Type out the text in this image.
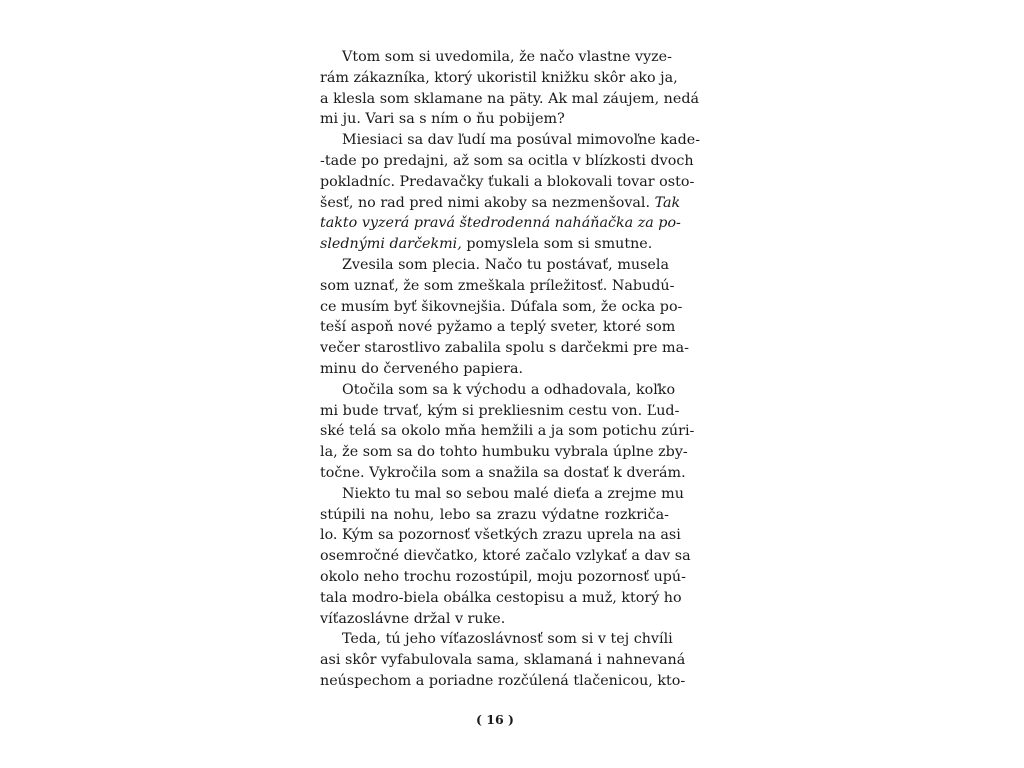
Vtom som si uvedomila, že načo vlastne vyze-
rám zákazníka, ktorý ukoristil knižku skôr ako ja,
a klesla som sklamane na päty. Ak mal záujem, nedá
mi ju. Vari sa s ním o ňu pobijem?
Miesiaci sa dav ľudí ma posúval mimovoľne kade-
-tade po predajni, až som sa ocitla v blízkosti dvoch
pokladníc. Predavačky ťukali a blokovali tovar osto-
šesť, no rad pred nimi akoby sa nezmenšoval. Tak
takto vyzerá pravá štedrodenná naháňačka za po-
slednými darčekmi, pomyslela som si smutne.
Zvesila som plecia. Načo tu postávať, musela
som uznať, že som zmeškala príležitosť. Nabudú-
ce musím byť šikovnejšia. Dúfala som, že ocka po-
teší aspoň nové pyžamo a teplý sveter, ktoré som
večer starostlivo zabalila spolu s darčekmi pre ma-
minu do červeného papiera.
Otočila som sa k východu a odhadovala, koľko
mi bude trvať, kým si prekliesnim cestu von. Ľud-
ské telá sa okolo mňa hemžili a ja som potichu zúri-
la, že som sa do tohto humbuku vybrala úplne zby-
točne. Vykročila som a snažila sa dostať k dverám.
Niekto tu mal so sebou malé dieťa a zrejme mu
stúpili na nohu, lebo sa zrazu výdatne rozkriča-
lo. Kým sa pozornosť všetkých zrazu uprela na asi
osemročné dievčatko, ktoré začalo vzlykať a dav sa
okolo neho trochu rozostúpil, moju pozornosť upú-
tala modro-biela obálka cestopisu a muž, ktorý ho
víťazoslávne držal v ruke.
Teda, tú jeho víťazoslávnosť som si v tej chvíli
asi skôr vyfabulovala sama, sklamaná i nahnevaná
neúspechom a poriadne rozčúlená tlačenicou, kto-
( 16 )
